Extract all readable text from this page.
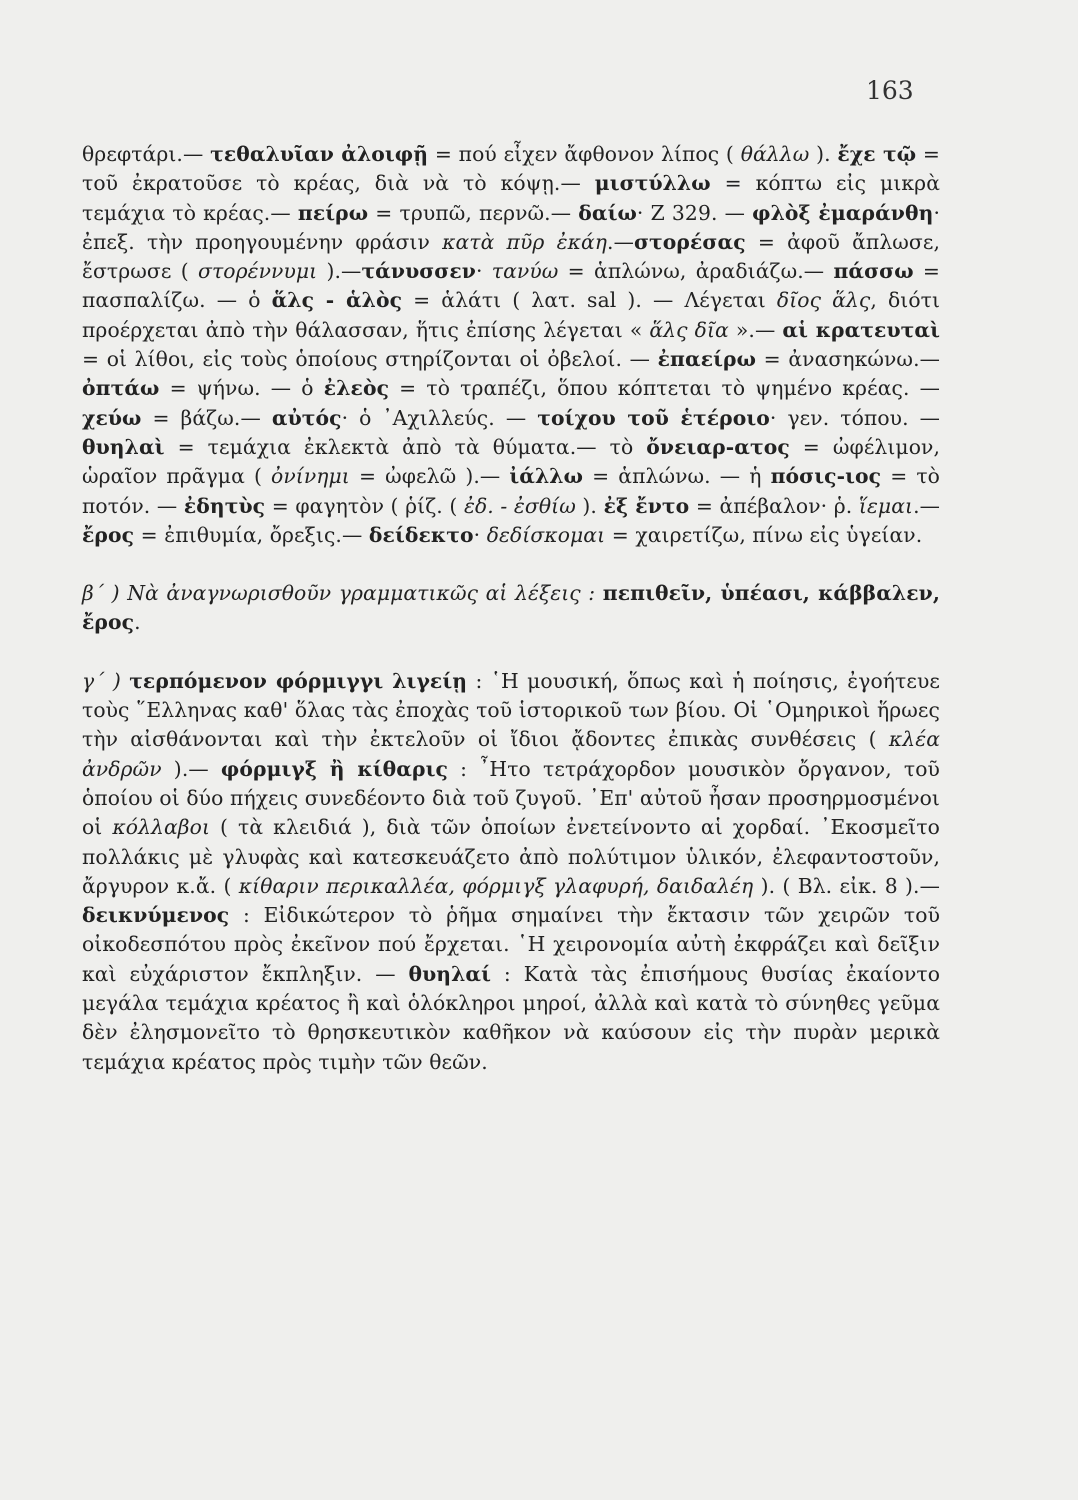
163

θρεφτάρι.— τεθαλυῖαν ἀλοιφῇ = πού εἶχεν ἄφθονον λίπος ( θάλλω ). ἔχε τῷ = τοῦ ἐκρατοῦσε τὸ κρέας, διὰ νὰ τὸ κόψῃ.— μιστύλλω = κόπτω εἰς μικρὰ τεμάχια τὸ κρέας.— πείρω = τρυπῶ, περνῶ.— δαίω· Ζ 329. — φλὸξ ἐμαράνθη· ἐπεξ. τὴν προηγουμένην φράσιν κατὰ πῦρ ἐκάη.—στορέσας = ἀφοῦ ἄπλωσε, ἔστρωσε ( στορέννυμι ).—τάνυσσεν· τανύω = ἁπλώνω, ἀραδιάζω.— πάσσω = πασπαλίζω. — ὁ ἅλς - ἁλὸς = ἁλάτι ( λατ. sal ). — Λέγεται δῖος ἅλς, διότι προέρχεται ἀπὸ τὴν θάλασσαν, ἥτις ἐπίσης λέγεται « ἅλς δῖα ».— αἱ κρατευταὶ = οἱ λίθοι, εἰς τοὺς ὁποίους στηρίζονται οἱ ὀβελοί. — ἐπαείρω = ἀνασηκώνω.— ὀπτάω = ψήνω. — ὁ ἐλεὸς = τὸ τραπέζι, ὅπου κόπτεται τὸ ψημένο κρέας. — χεύω = βάζω.— αὐτός· ὁ ᾿Αχιλλεύς. — τοίχου τοῦ ἑτέροιο· γεν. τόπου. — θυηλαὶ = τεμάχια ἐκλεκτὰ ἀπὸ τὰ θύματα.— τὸ ὄνειαρ-ατος = ὠφέλιμον, ὡραῖον πρᾶγμα ( ὀνίνημι = ὠφελῶ ).— ἰάλλω = ἁπλώνω. — ἡ πόσις-ιος = τὸ ποτόν. — ἐδητὺς = φαγητὸν ( ῥίζ. ( ἐδ. - ἐσθίω ). ἐξ ἔντο = ἀπέβαλον· ῥ. ἵεμαι.— ἔρος = ἐπιθυμία, ὄρεξις.— δείδεκτο· δεδίσκομαι = χαιρετίζω, πίνω εἰς ὑγείαν.

β΄ ) Νὰ ἀναγνωρισθοῦν γραμματικῶς αἱ λέξεις : πεπιθεῖν, ὑπέασι, κάββαλεν, ἔρος.

γ΄ ) τερπόμενον φόρμιγγι λιγείῃ : ῾Η μουσική, ὅπως καὶ ἡ ποίησις, ἐγοήτευε τοὺς ῞Ελληνας καθ' ὅλας τὰς ἐποχὰς τοῦ ἱστορικοῦ των βίου. Οἱ ῾Ομηρικοὶ ἥρωες τὴν αἰσθάνονται καὶ τὴν ἐκτελοῦν οἱ ἴδιοι ᾄδοντες ἐπικὰς συνθέσεις ( κλέα ἀνδρῶν ).— φόρμιγξ ἢ κίθαρις : ῏Ητο τετράχορδον μουσικὸν ὄργανον, τοῦ ὁποίου οἱ δύο πήχεις συνεδέοντο διὰ τοῦ ζυγοῦ. ᾿Επ' αὐτοῦ ἦσαν προσηρμοσμένοι οἱ κόλλαβοι ( τὰ κλειδιά ), διὰ τῶν ὁποίων ἐνετείνοντο αἱ χορδαί. ᾿Εκοσμεῖτο πολλάκις μὲ γλυφὰς καὶ κατεσκευάζετο ἀπὸ πολύτιμον ὑλικόν, ἐλεφαντοστοῦν, ἄργυρον κ.ἄ. ( κίθαριν περικαλλέα, φόρμιγξ γλαφυρή, δαιδαλέη ). ( Βλ. εἰκ. 8 ).— δεικνύμενος : Εἰδικώτερον τὸ ῥῆμα σημαίνει τὴν ἔκτασιν τῶν χειρῶν τοῦ οἰκοδεσπότου πρὸς ἐκεῖνον πού ἔρχεται. ῾Η χειρονομία αὐτὴ ἐκφράζει καὶ δεῖξιν καὶ εὐχάριστον ἔκπληξιν. — θυηλαί : Κατὰ τὰς ἐπισήμους θυσίας ἐκαίοντο μεγάλα τεμάχια κρέατος ἢ καὶ ὁλόκληροι μηροί, ἀλλὰ καὶ κατὰ τὸ σύνηθες γεῦμα δὲν ἐλησμονεῖτο τὸ θρησκευτικὸν καθῆκον νὰ καύσουν εἰς τὴν πυρὰν μερικὰ τεμάχια κρέατος πρὸς τιμὴν τῶν θεῶν.
